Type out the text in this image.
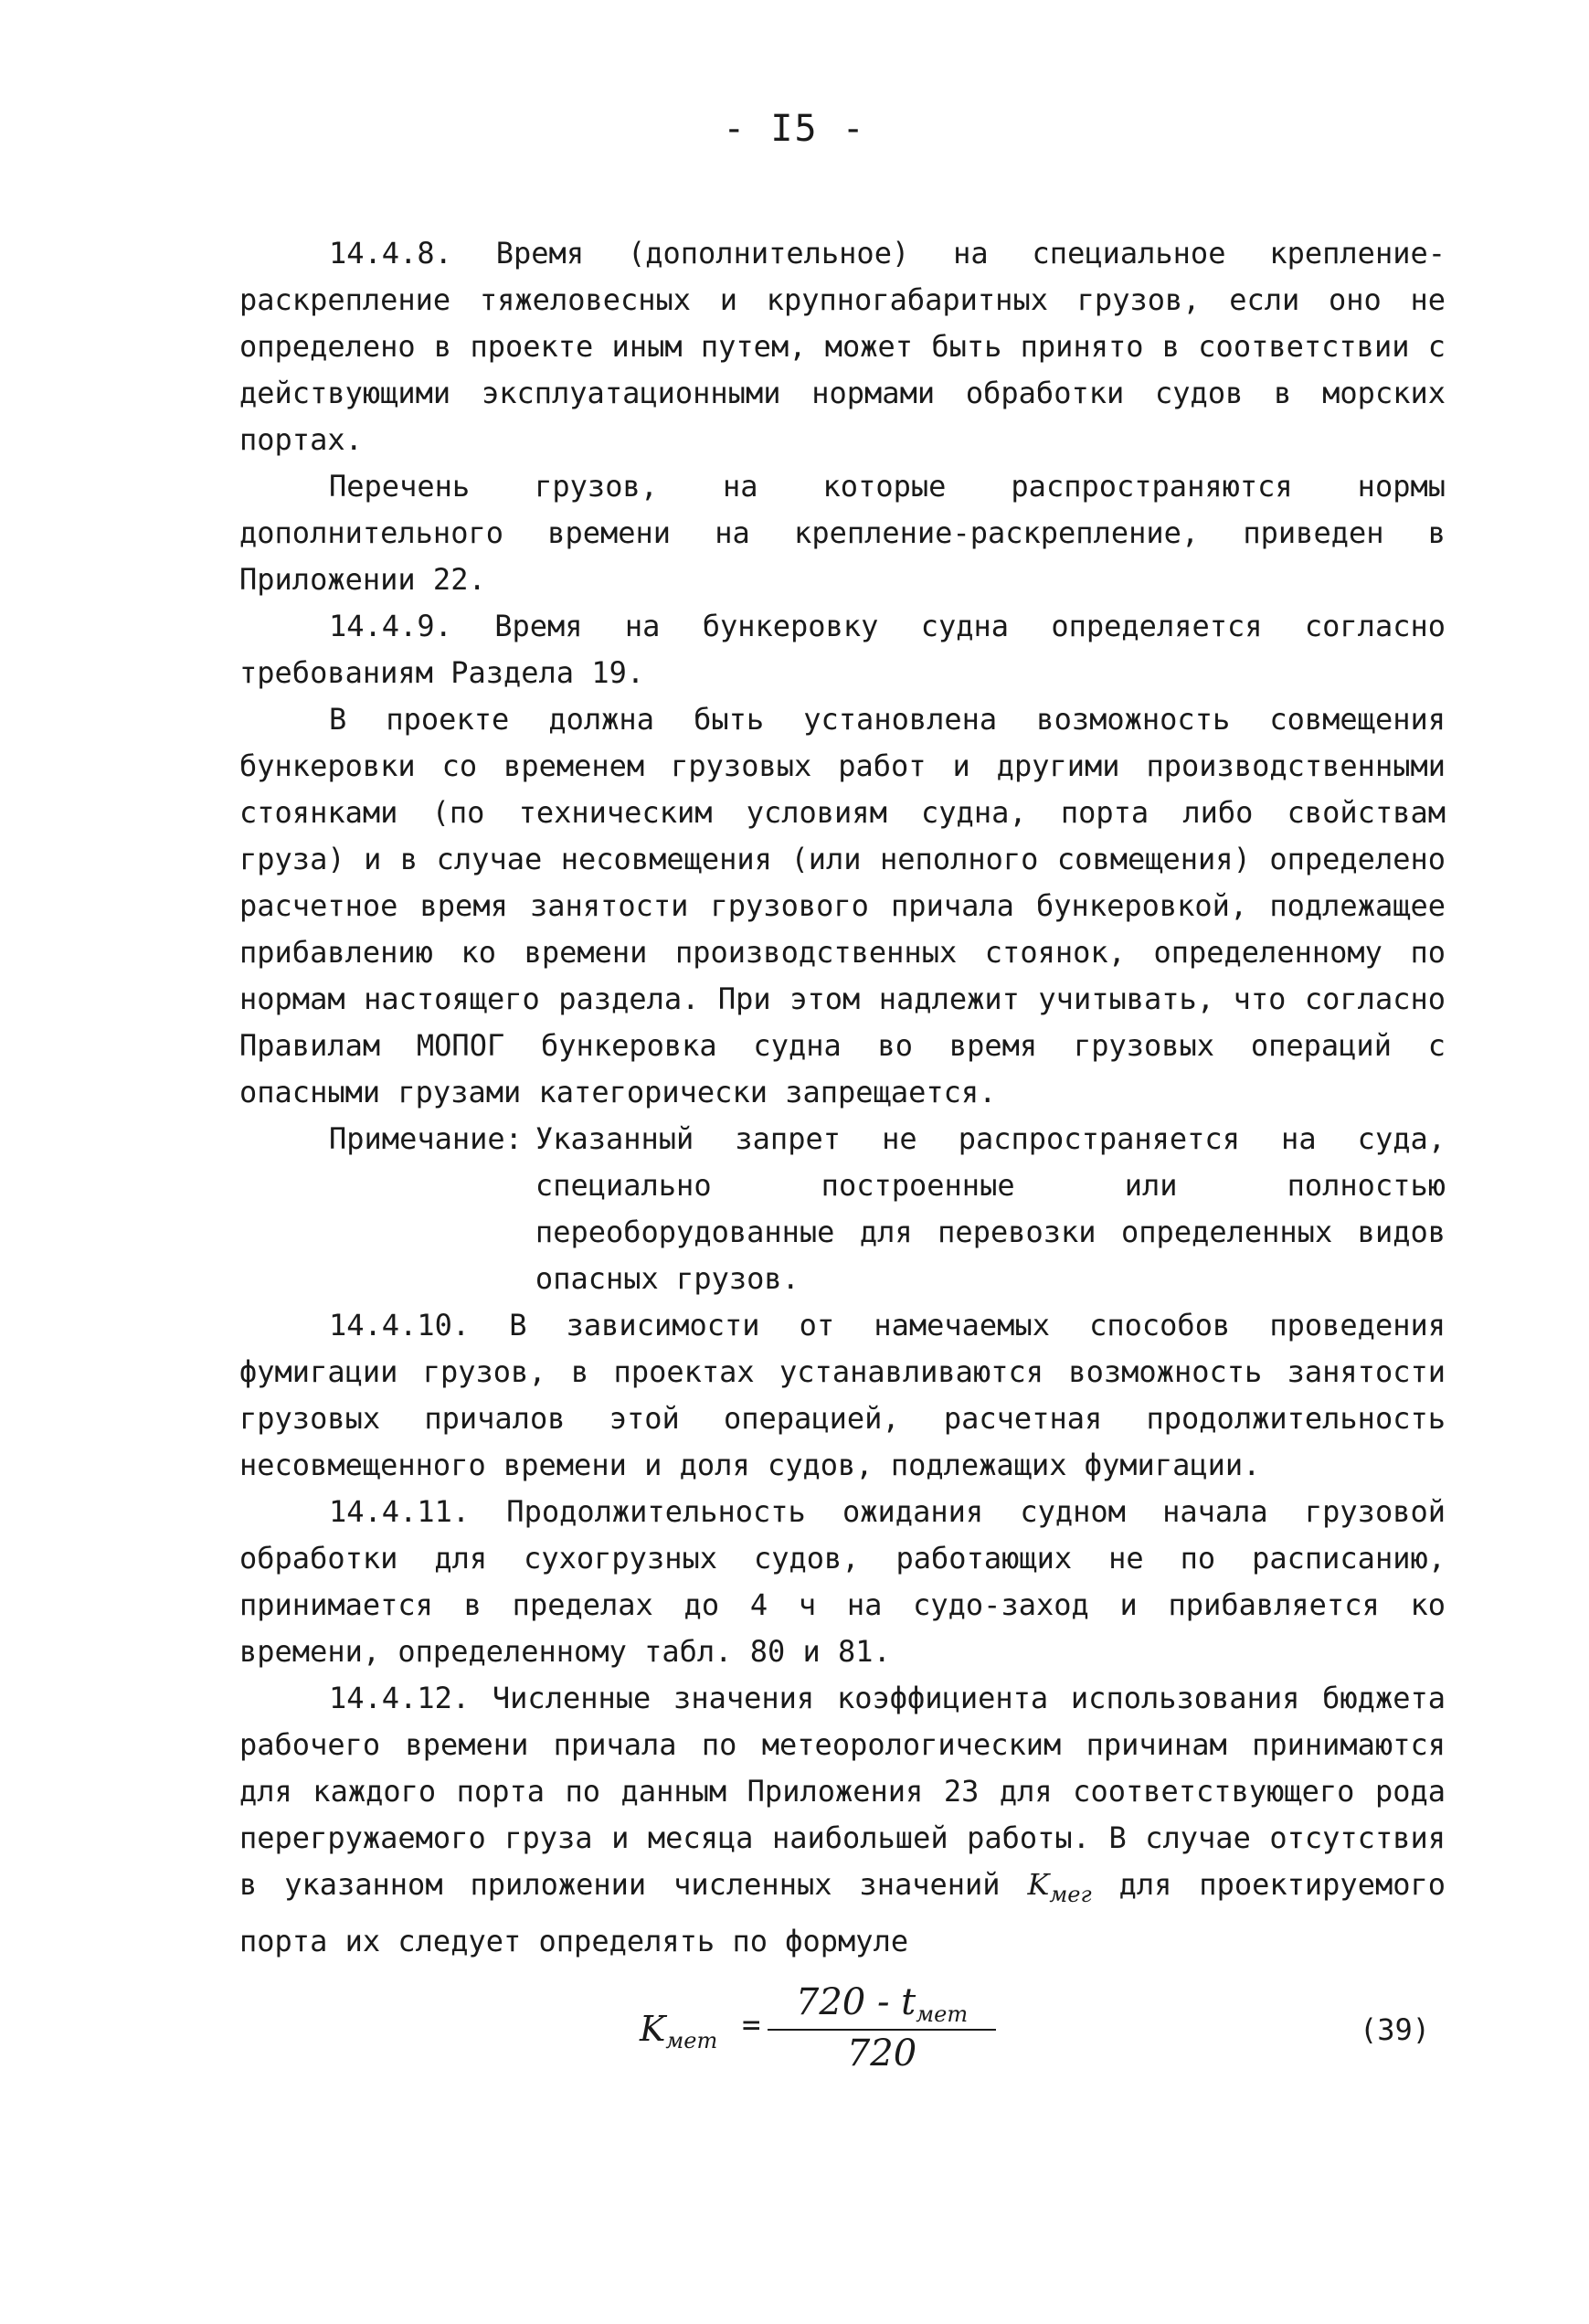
- I5 -

14.4.8. Время (дополнительное) на специальное крепление-раскрепление тяжеловесных и крупногабаритных грузов, если оно не определено в проекте иным путем, может быть принято в соответствии с действующими эксплуатационными нормами обработки судов в морских портах.

Перечень грузов, на которые распространяются нормы дополнительного времени на крепление-раскрепление, приведен в Приложении 22.

14.4.9. Время на бункеровку судна определяется согласно требованиям Раздела 19.

В проекте должна быть установлена возможность совмещения бункеровки со временем грузовых работ и другими производственными стоянками (по техническим условиям судна, порта либо свойствам груза) и в случае несовмещения (или неполного совмещения) определено расчетное время занятости грузового причала бункеровкой, подлежащее прибавлению ко времени производственных стоянок, определенному по нормам настоящего раздела. При этом надлежит учитывать, что согласно Правилам МОПОГ бункеровка судна во время грузовых операций с опасными грузами категорически запрещается.

Примечание: Указанный запрет не распространяется на суда, специально построенные или полностью переоборудованные для перевозки определенных видов опасных грузов.

14.4.10. В зависимости от намечаемых способов проведения фумигации грузов, в проектах устанавливаются возможность занятости грузовых причалов этой операцией, расчетная продолжительность несовмещенного времени и доля судов, подлежащих фумигации.

14.4.11. Продолжительность ожидания судном начала грузовой обработки для сухогрузных судов, работающих не по расписанию, принимается в пределах до 4 ч на судо-заход и прибавляется ко времени, определенному табл. 80 и 81.

14.4.12. Численные значения коэффициента использования бюджета рабочего времени причала по метеорологическим причинам принимаются для каждого порта по данным Приложения 23 для соответствующего рода перегружаемого груза и месяца наибольшей работы. В случае отсутствия в указанном приложении численных значений $K_{мег}$ для проектируемого порта их следует определять по формуле

$K_{мет}$ =
$720 - t_{мет}$
720
(39)
